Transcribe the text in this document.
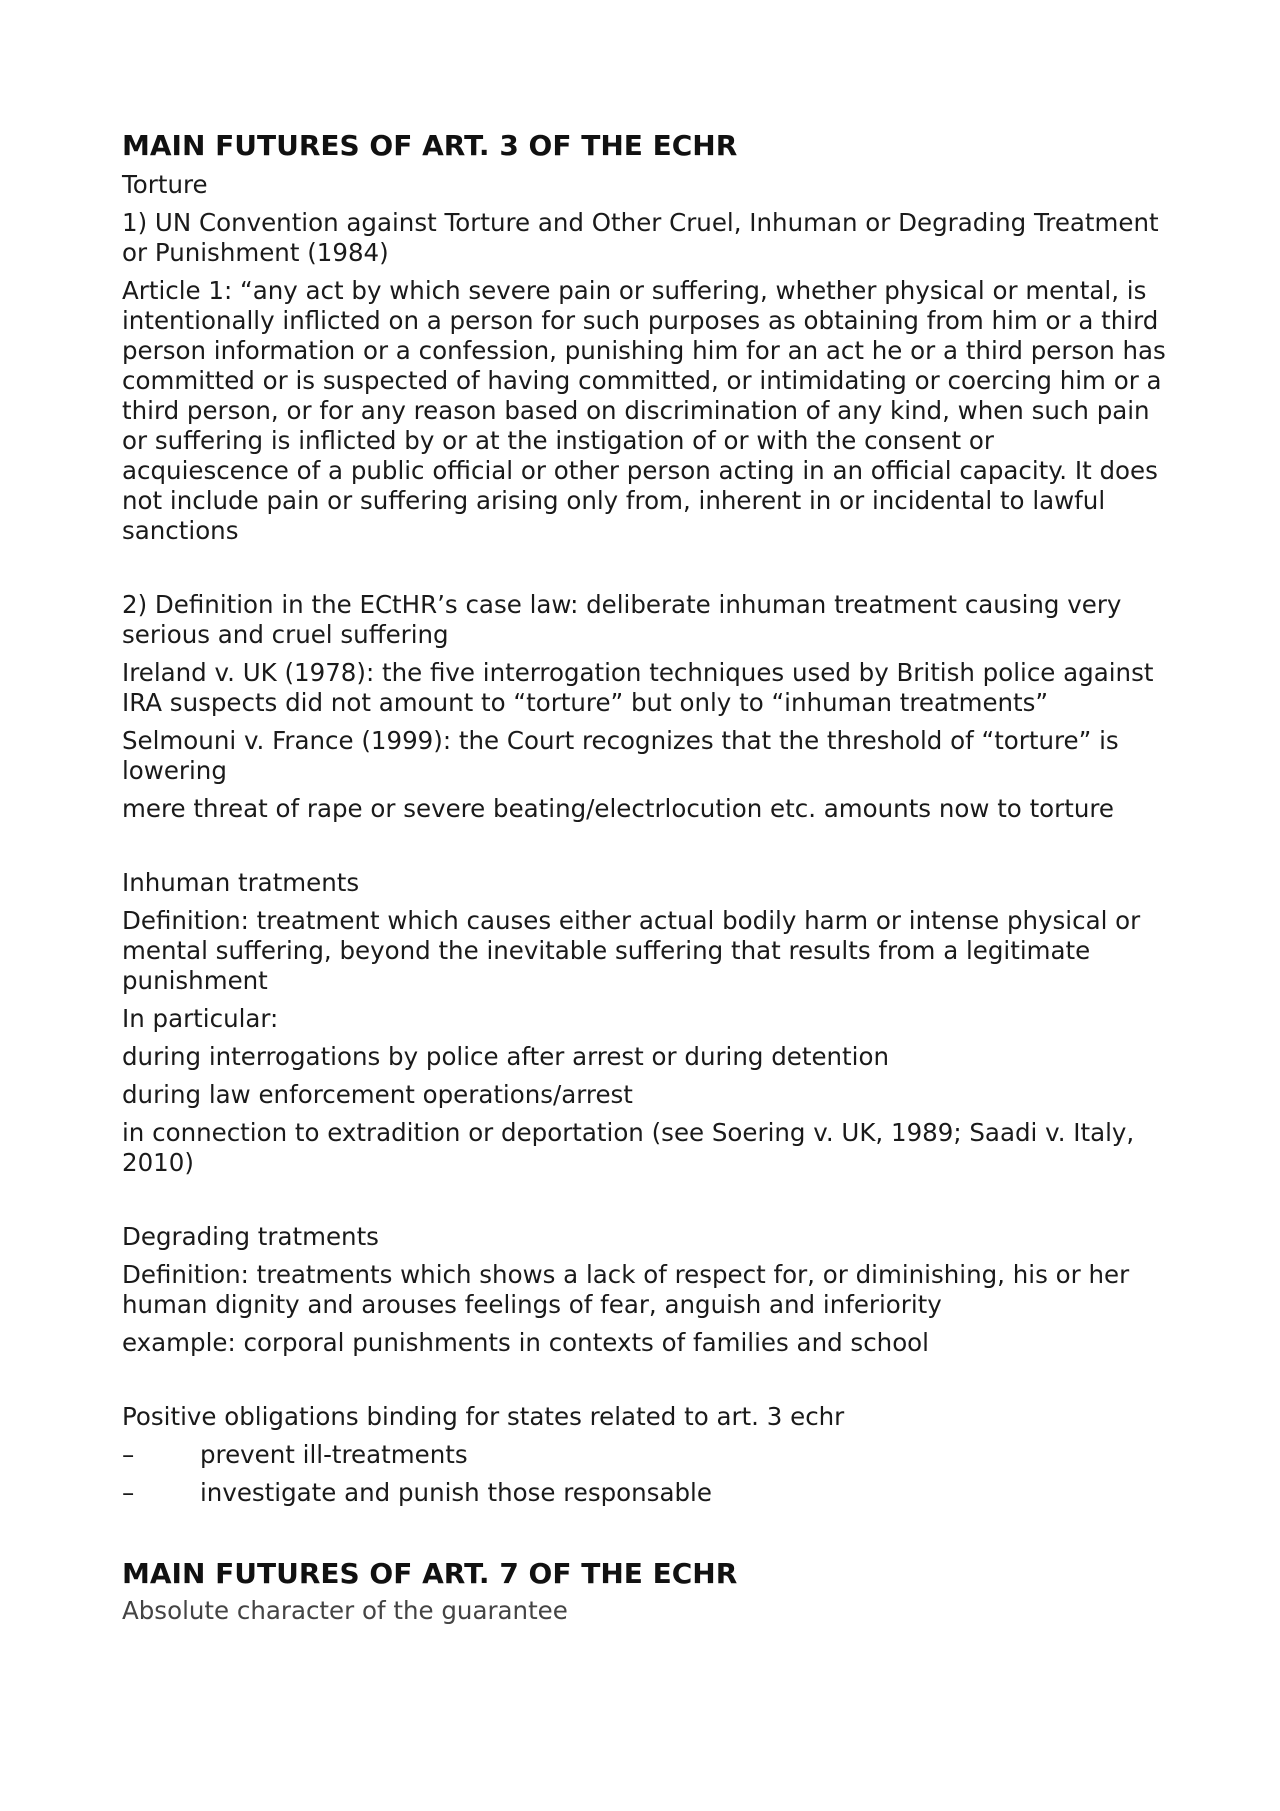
MAIN FUTURES OF ART. 3 OF THE ECHR

Torture

1) UN Convention against Torture and Other Cruel, Inhuman or Degrading Treatment or Punishment (1984)

Article 1: “any act by which severe pain or suffering, whether physical or mental, is intentionally inflicted on a person for such purposes as obtaining from him or a third person information or a confession, punishing him for an act he or a third person has committed or is suspected of having committed, or intimidating or coercing him or a third person, or for any reason based on discrimination of any kind, when such pain or suffering is inflicted by or at the instigation of or with the consent or acquiescence of a public official or other person acting in an official capacity. It does not include pain or suffering arising only from, inherent in or incidental to lawful sanctions

2) Definition in the ECtHR’s case law: deliberate inhuman treatment causing very serious and cruel suffering

Ireland v. UK (1978): the five interrogation techniques used by British police against IRA suspects did not amount to “torture” but only to “inhuman treatments”

Selmouni v. France (1999): the Court recognizes that the threshold of “torture” is lowering

mere threat of rape or severe beating/electrlocution etc. amounts now to torture

Inhuman tratments

Definition: treatment which causes either actual bodily harm or intense physical or mental suffering, beyond the inevitable suffering that results from a legitimate punishment

In particular:

during interrogations by police after arrest or during detention

during law enforcement operations/arrest

in connection to extradition or deportation (see Soering v. UK, 1989; Saadi v. Italy, 2010)

Degrading tratments

Definition: treatments which shows a lack of respect for, or diminishing, his or her human dignity and arouses feelings of fear, anguish and inferiority

example: corporal punishments in contexts of families and school

Positive obligations binding for states related to art. 3 echr

–	prevent ill-treatments
–	investigate and punish those responsable
MAIN FUTURES OF ART. 7 OF THE ECHR

Absolute character of the guarantee
